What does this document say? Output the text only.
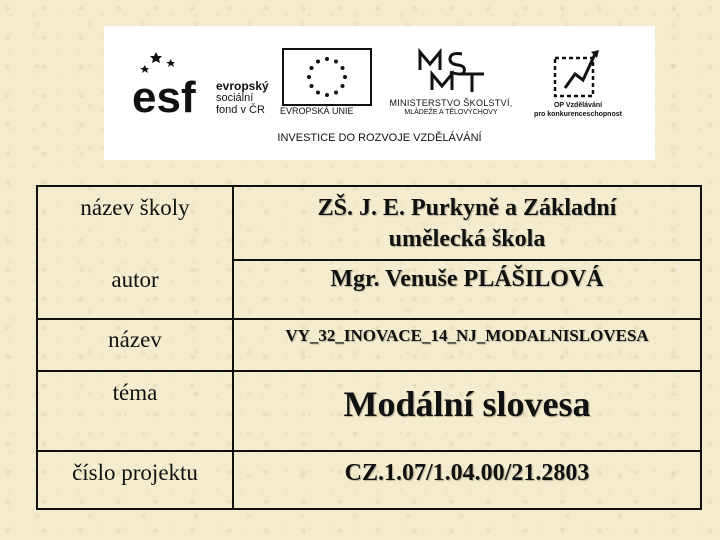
esf evropský
sociální
fond v ČR	EVROPSKÁ UNIE
MINISTERSTVO ŠKOLSTVÍ,
MLÁDEŽE A TĚLOVÝCHOVY
OP Vzdělávání
pro konkurenceschopnost
INVESTICE DO ROZVOJE VZDĚLÁVÁNÍ
název školy
autor
název
téma
číslo projektu
ZŠ. J. E. Purkyně a Základní
umělecká škola
Mgr. Venuše PLÁŠILOVÁ
VY_32_INOVACE_14_NJ_MODALNISLOVESA
Modální slovesa
CZ.1.07/1.04.00/21.2803
